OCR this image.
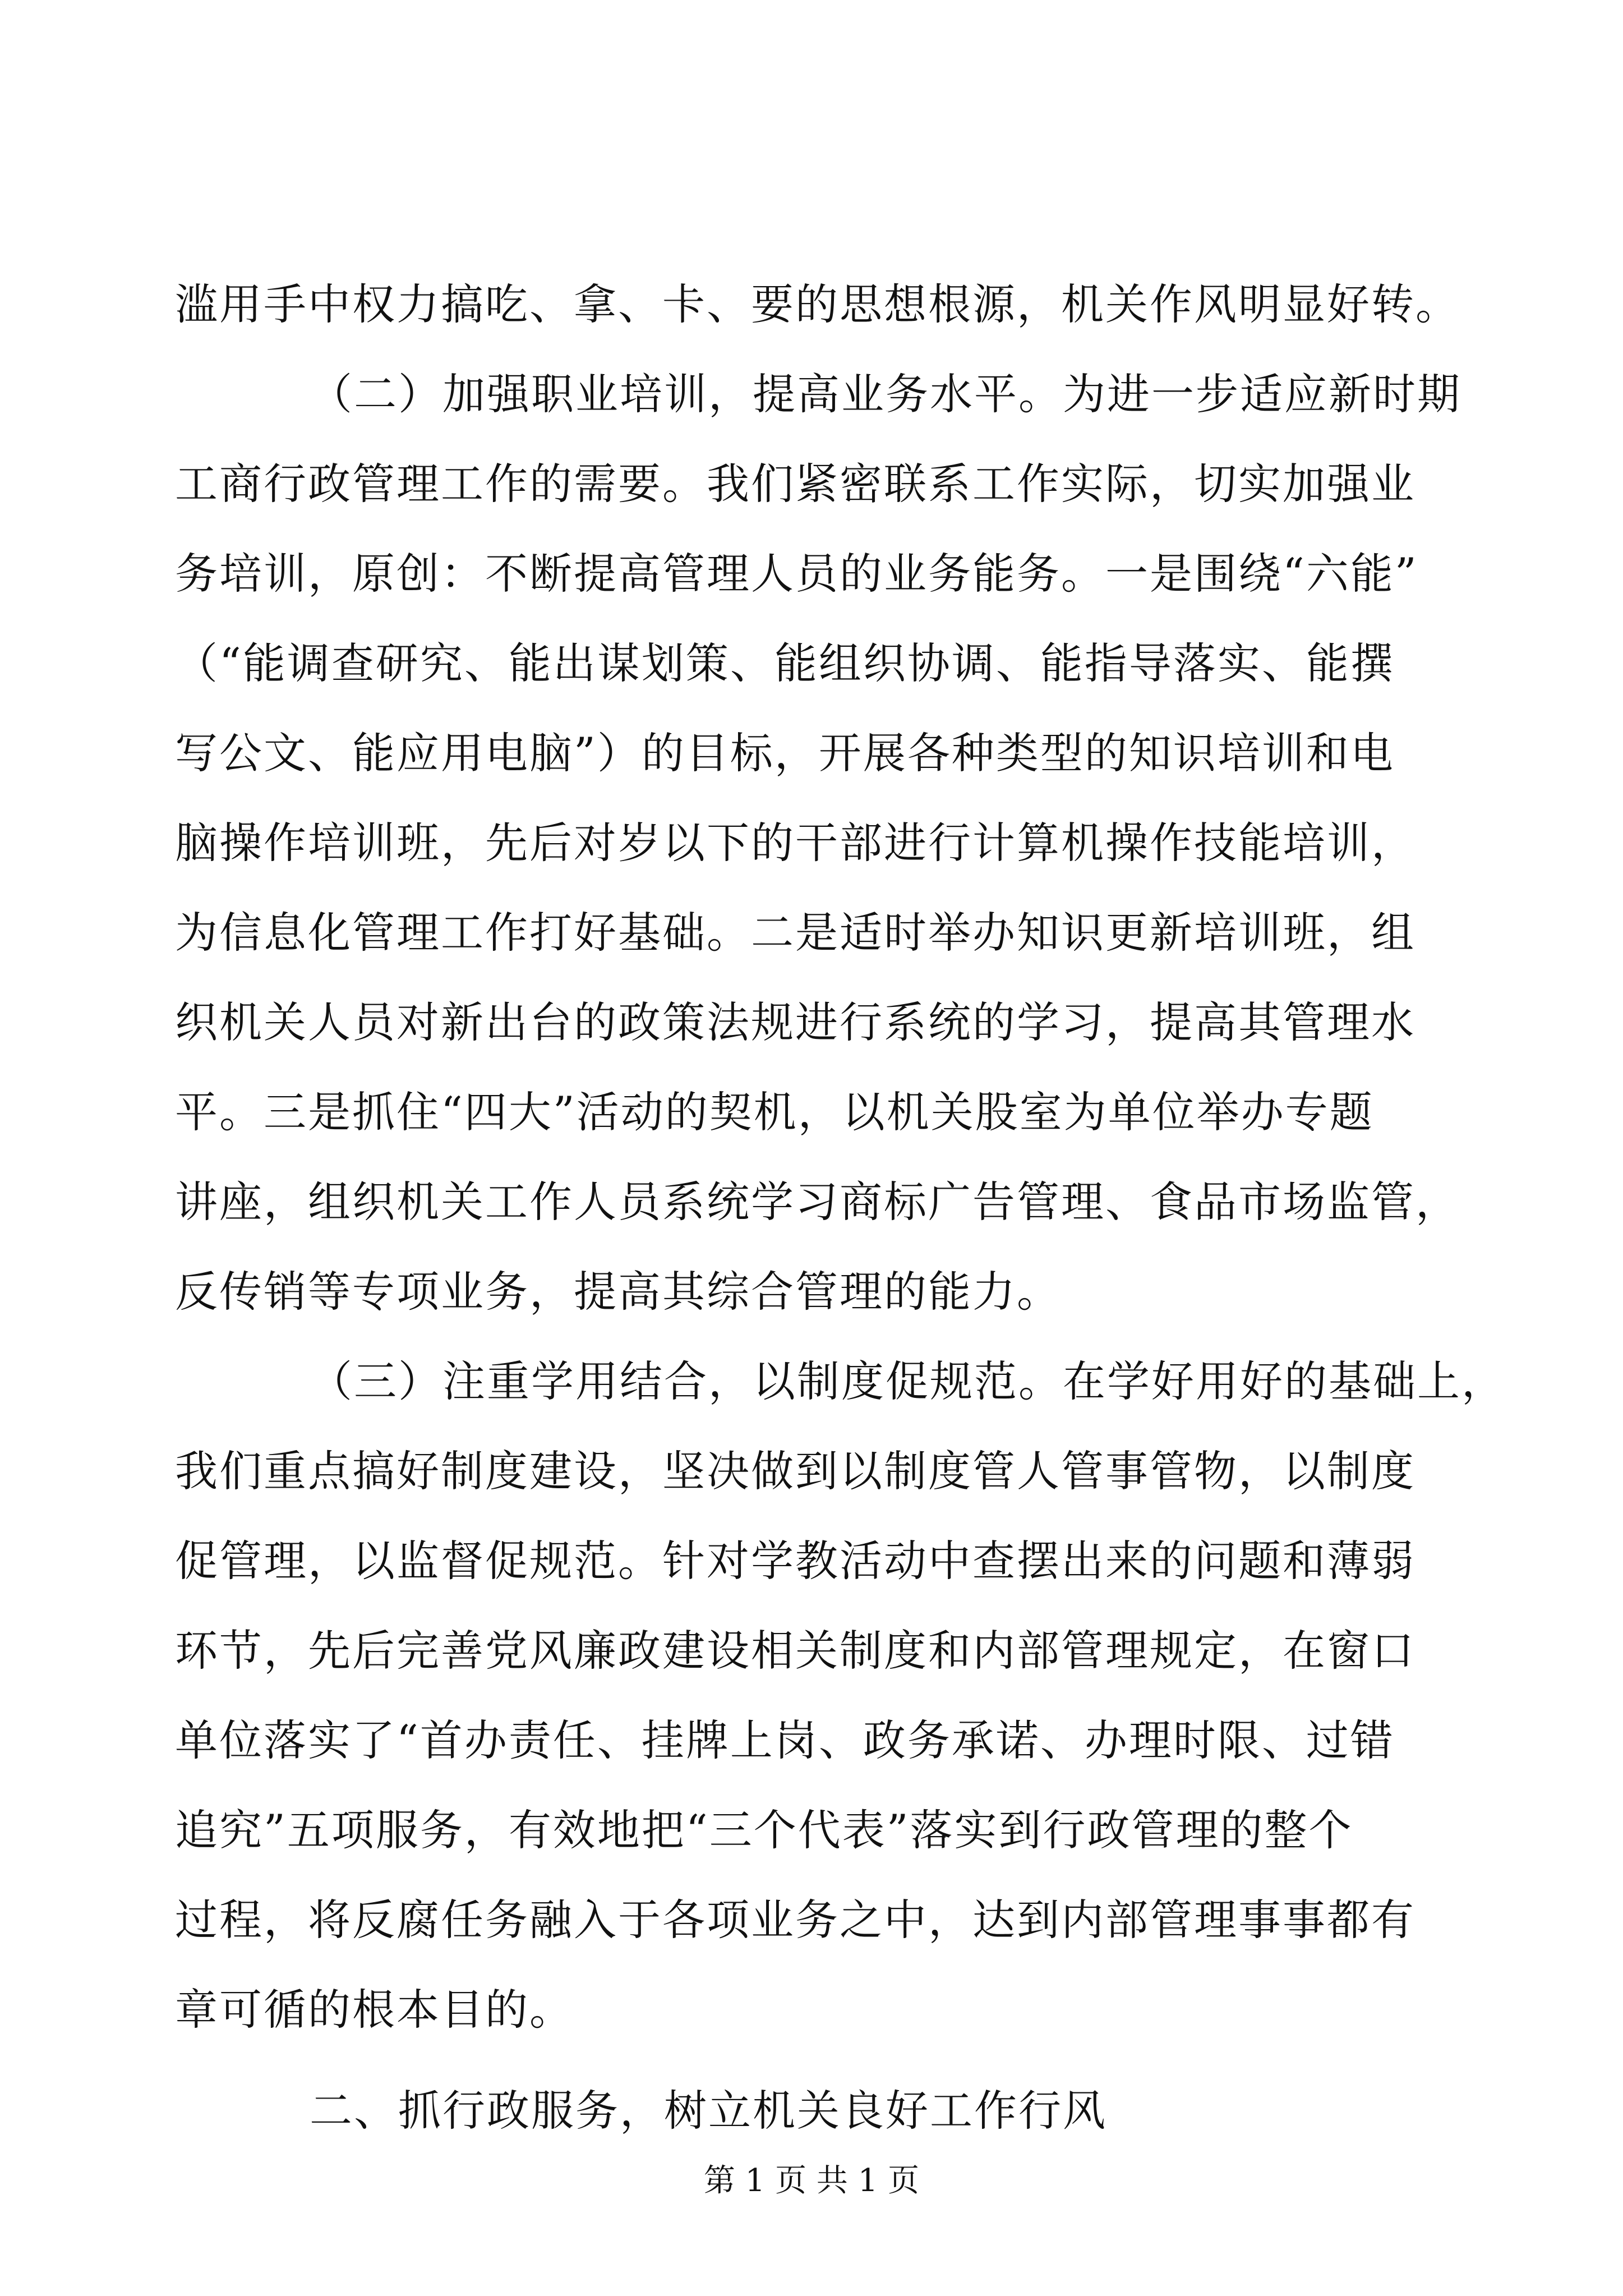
滥用手中权力搞吃、拿、卡、要的思想根源，机关作风明显好转。
（二）加强职业培训，提高业务水平。为进一步适应新时期
工商行政管理工作的需要。我们紧密联系工作实际，切实加强业
务培训，原创：不断提高管理人员的业务能务。一是围绕“六能”
（“能调查研究、能出谋划策、能组织协调、能指导落实、能撰
写公文、能应用电脑”）的目标，开展各种类型的知识培训和电
脑操作培训班，先后对岁以下的干部进行计算机操作技能培训，
为信息化管理工作打好基础。二是适时举办知识更新培训班，组
织机关人员对新出台的政策法规进行系统的学习，提高其管理水
平。三是抓住“四大”活动的契机，以机关股室为单位举办专题
讲座，组织机关工作人员系统学习商标广告管理、食品市场监管，
反传销等专项业务，提高其综合管理的能力。
（三）注重学用结合，以制度促规范。在学好用好的基础上，
我们重点搞好制度建设，坚决做到以制度管人管事管物，以制度
促管理，以监督促规范。针对学教活动中查摆出来的问题和薄弱
环节，先后完善党风廉政建设相关制度和内部管理规定，在窗口
单位落实了“首办责任、挂牌上岗、政务承诺、办理时限、过错
追究”五项服务，有效地把“三个代表”落实到行政管理的整个
过程，将反腐任务融入于各项业务之中，达到内部管理事事都有
章可循的根本目的。
二、抓行政服务，树立机关良好工作行风
第 1 页 共 1 页
